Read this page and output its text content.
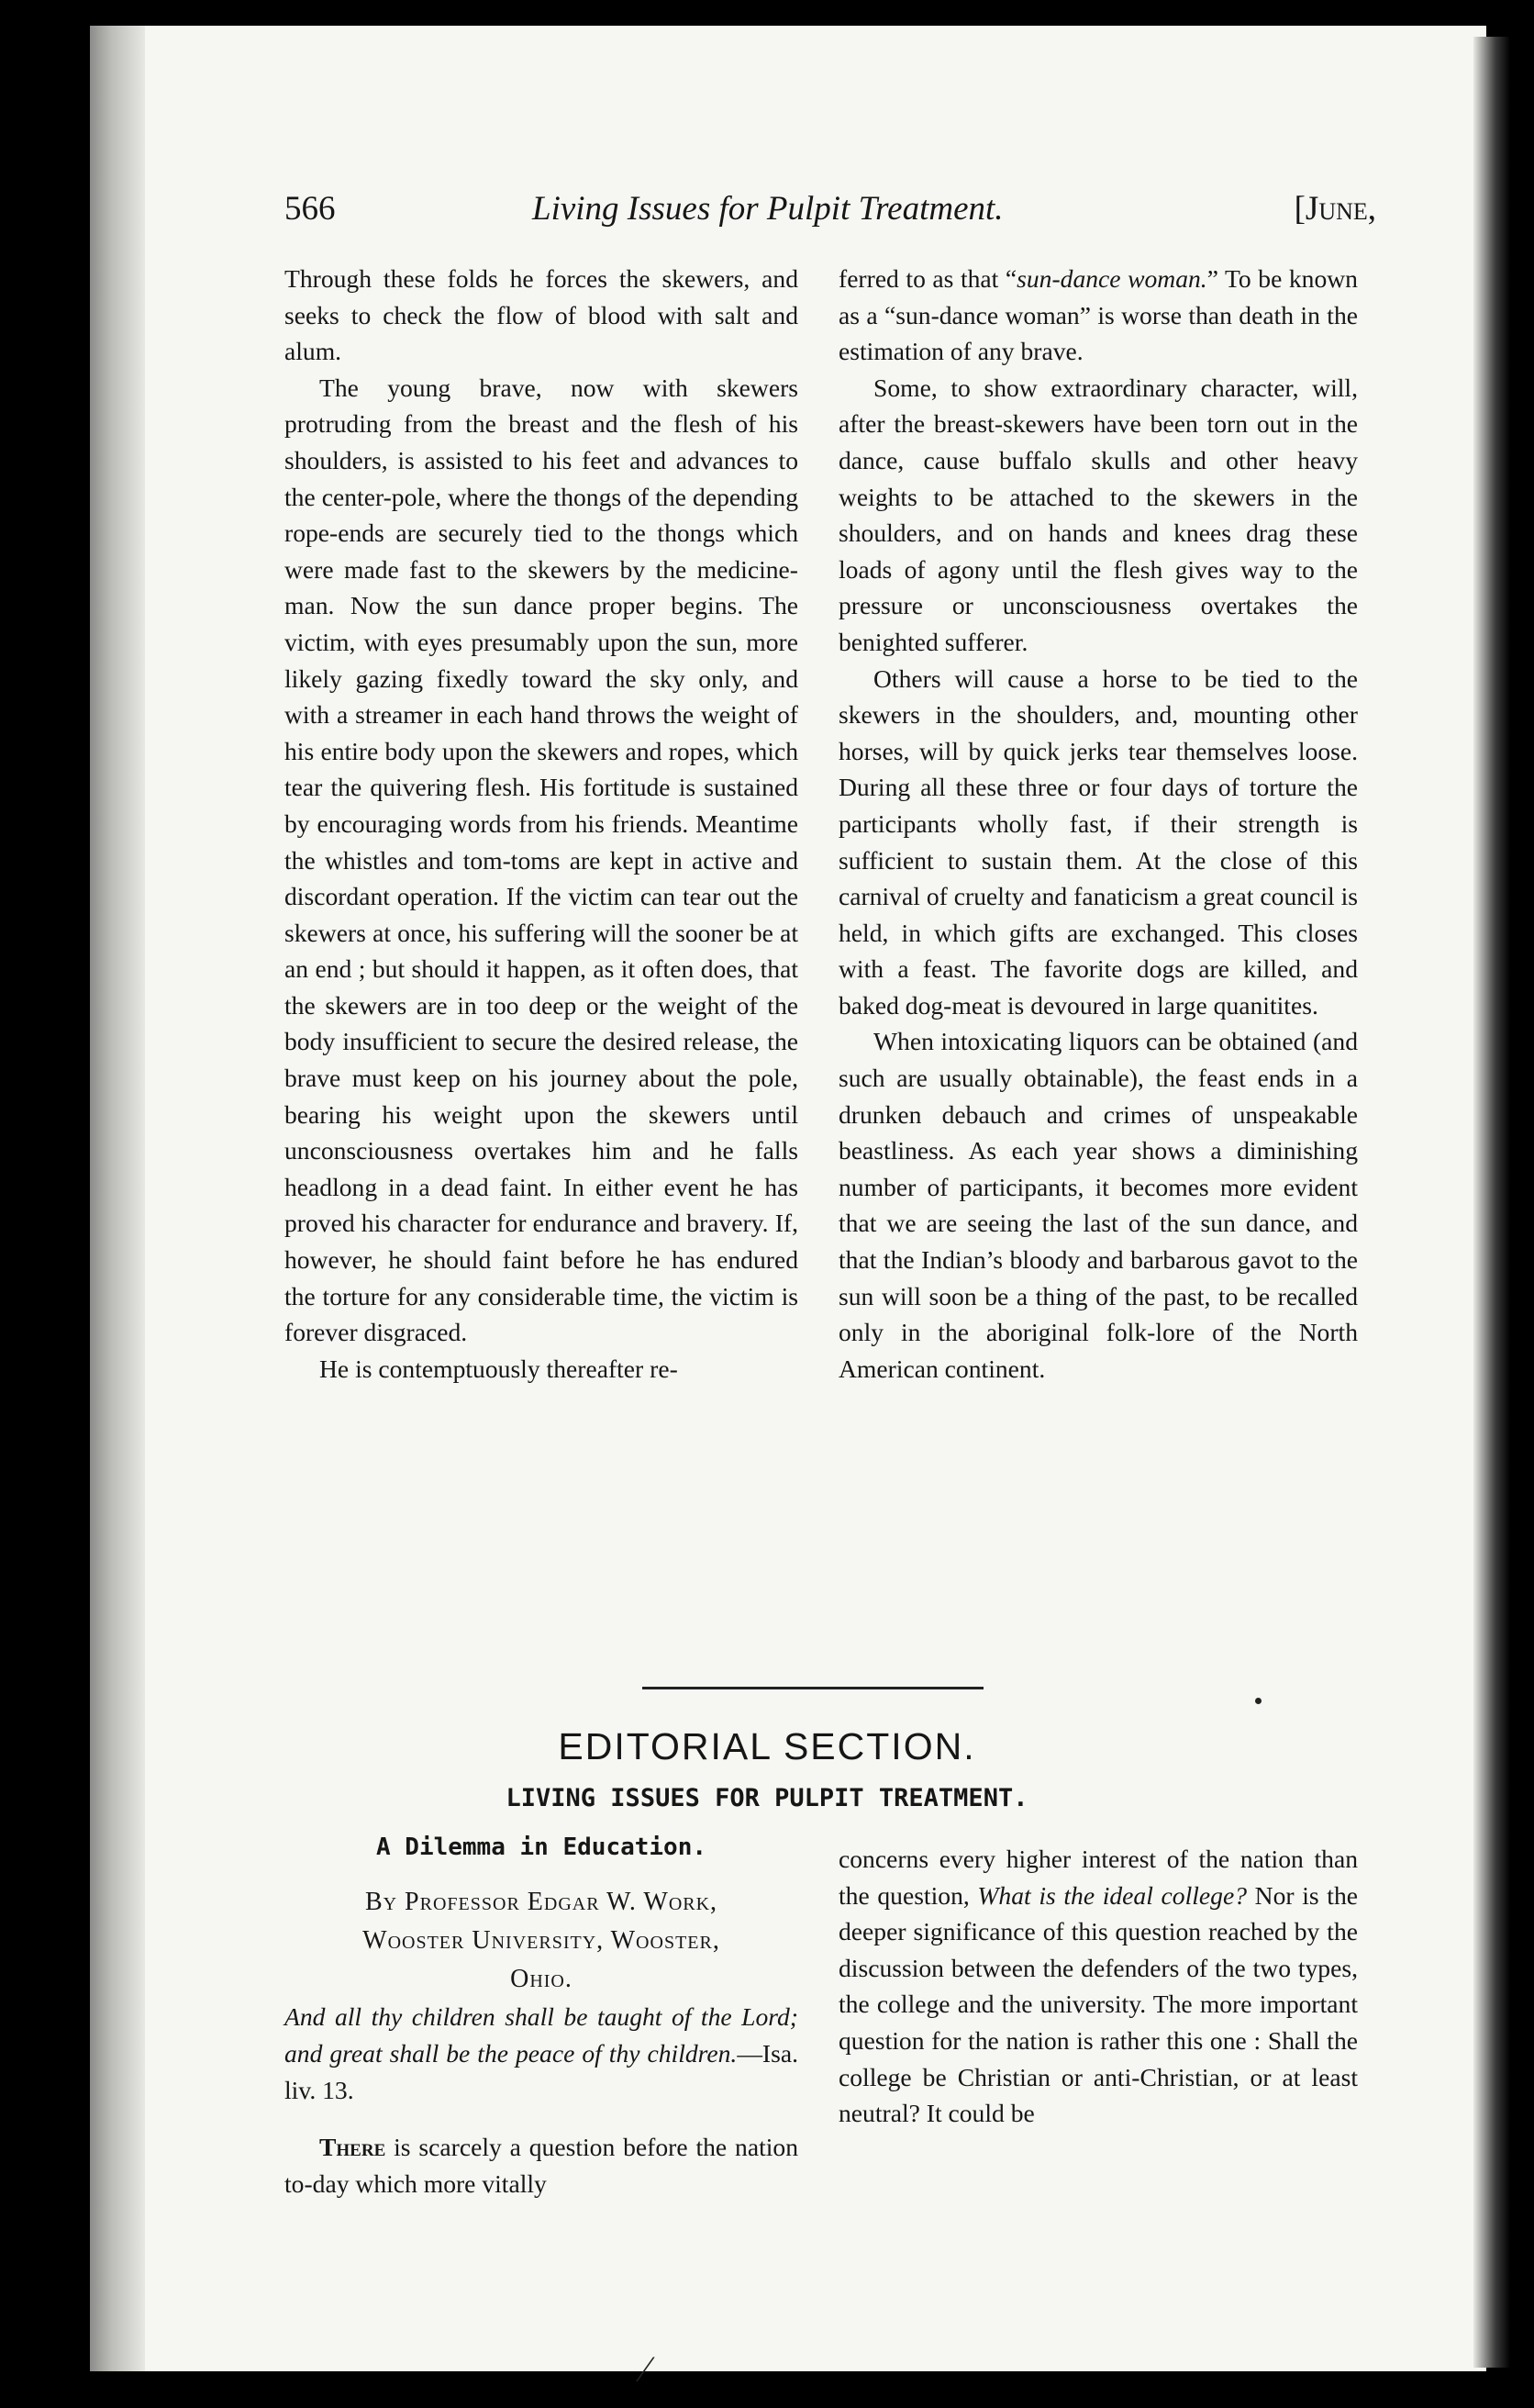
566	Living Issues for Pulpit Treatment.	[June,

Through these folds he forces the skewers, and seeks to check the flow of blood with salt and alum.

The young brave, now with skewers protruding from the breast and the flesh of his shoulders, is assisted to his feet and advances to the center-pole, where the thongs of the depending rope-ends are securely tied to the thongs which were made fast to the skewers by the medicine-man. Now the sun dance proper begins. The victim, with eyes presumably upon the sun, more likely gazing fixedly toward the sky only, and with a streamer in each hand throws the weight of his entire body upon the skewers and ropes, which tear the quivering flesh. His fortitude is sustained by encouraging words from his friends. Meantime the whistles and tom-toms are kept in active and discordant operation. If the victim can tear out the skewers at once, his suffering will the sooner be at an end ; but should it happen, as it often does, that the skewers are in too deep or the weight of the body insufficient to secure the desired release, the brave must keep on his journey about the pole, bearing his weight upon the skewers until unconsciousness overtakes him and he falls headlong in a dead faint. In either event he has proved his character for endurance and bravery. If, however, he should faint before he has endured the torture for any considerable time, the victim is forever disgraced.

He is contemptuously thereafter re-

ferred to as that “sun-dance woman.” To be known as a “sun-dance woman” is worse than death in the estimation of any brave.

Some, to show extraordinary character, will, after the breast-skewers have been torn out in the dance, cause buffalo skulls and other heavy weights to be attached to the skewers in the shoulders, and on hands and knees drag these loads of agony until the flesh gives way to the pressure or unconsciousness overtakes the benighted sufferer.

Others will cause a horse to be tied to the skewers in the shoulders, and, mounting other horses, will by quick jerks tear themselves loose. During all these three or four days of torture the participants wholly fast, if their strength is sufficient to sustain them. At the close of this carnival of cruelty and fanaticism a great council is held, in which gifts are exchanged. This closes with a feast. The favorite dogs are killed, and baked dog-meat is devoured in large quanitites.

When intoxicating liquors can be obtained (and such are usually obtainable), the feast ends in a drunken debauch and crimes of unspeakable beastliness. As each year shows a diminishing number of participants, it becomes more evident that we are seeing the last of the sun dance, and that the Indian’s bloody and barbarous gavot to the sun will soon be a thing of the past, to be recalled only in the aboriginal folk-lore of the North American continent.

EDITORIAL SECTION.
LIVING ISSUES FOR PULPIT TREATMENT.
A Dilemma in Education.
By Professor Edgar W. Work,
Wooster University, Wooster,
Ohio.
And all thy children shall be taught of the Lord; and great shall be the peace of thy children.—Isa. liv. 13.

There is scarcely a question before the nation to-day which more vitally

concerns every higher interest of the nation than the question, What is the ideal college? Nor is the deeper significance of this question reached by the discussion between the defenders of the two types, the college and the university. The more important question for the nation is rather this one : Shall the college be Christian or anti-Christian, or at least neutral? It could be

⁄
